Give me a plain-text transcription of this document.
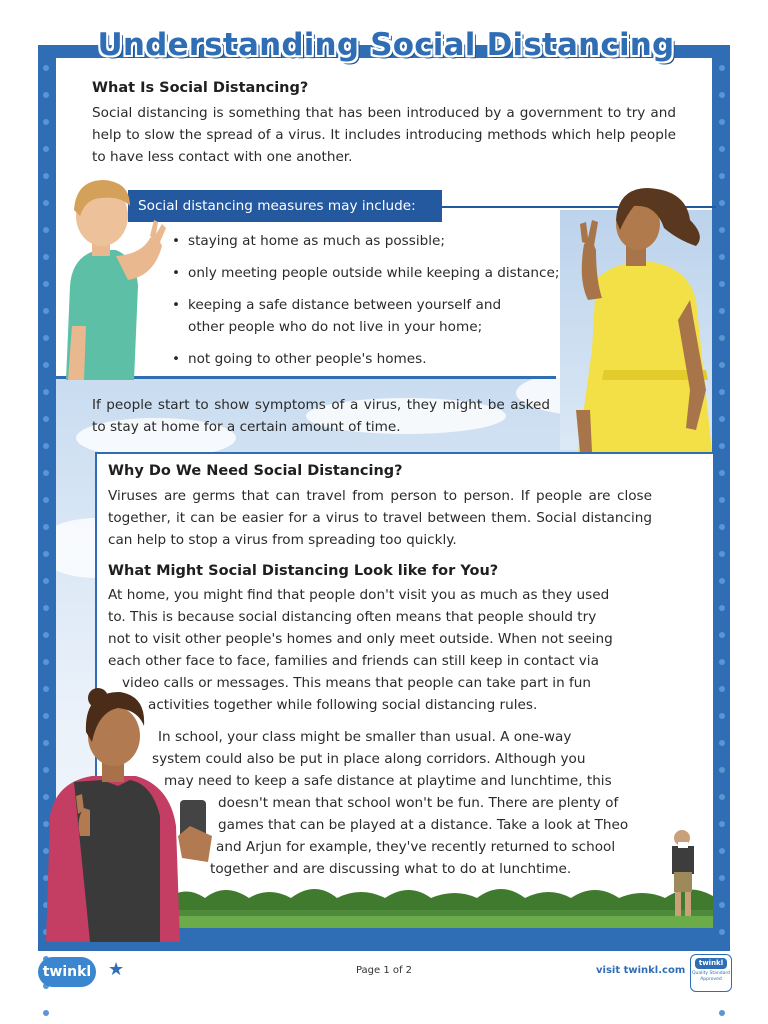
Understanding Social Distancing
What Is Social Distancing?
Social distancing is something that has been introduced by a government to try and help to slow the spread of a virus. It includes introducing methods which help people to have less contact with one another.
Social distancing measures may include:
• staying at home as much as possible;
• only meeting people outside while keeping a distance;
• keeping a safe distance between yourself and other people who do not live in your home;
• not going to other people's homes.
If people start to show symptoms of a virus, they might be asked to stay at home for a certain amount of time.
Why Do We Need Social Distancing?
Viruses are germs that can travel from person to person. If people are close together, it can be easier for a virus to travel between them. Social distancing can help to stop a virus from spreading too quickly.
What Might Social Distancing Look like for You?
At home, you might find that people don't visit you as much as they used
to. This is because social distancing often means that people should try
not to visit other people's homes and only meet outside. When not seeing
each other face to face, families and friends can still keep in contact via
video calls or messages. This means that people can take part in fun
activities together while following social distancing rules.
In school, your class might be smaller than usual. A one-way
system could also be put in place along corridors. Although you
may need to keep a safe distance at playtime and lunchtime, this
doesn't mean that school won't be fun. There are plenty of
games that can be played at a distance. Take a look at Theo
and Arjun for example, they've recently returned to school
together and are discussing what to do at lunchtime.
twinkl ★	Page 1 of 2	visit twinkl.com
twinkl
Quality Standard Approved
